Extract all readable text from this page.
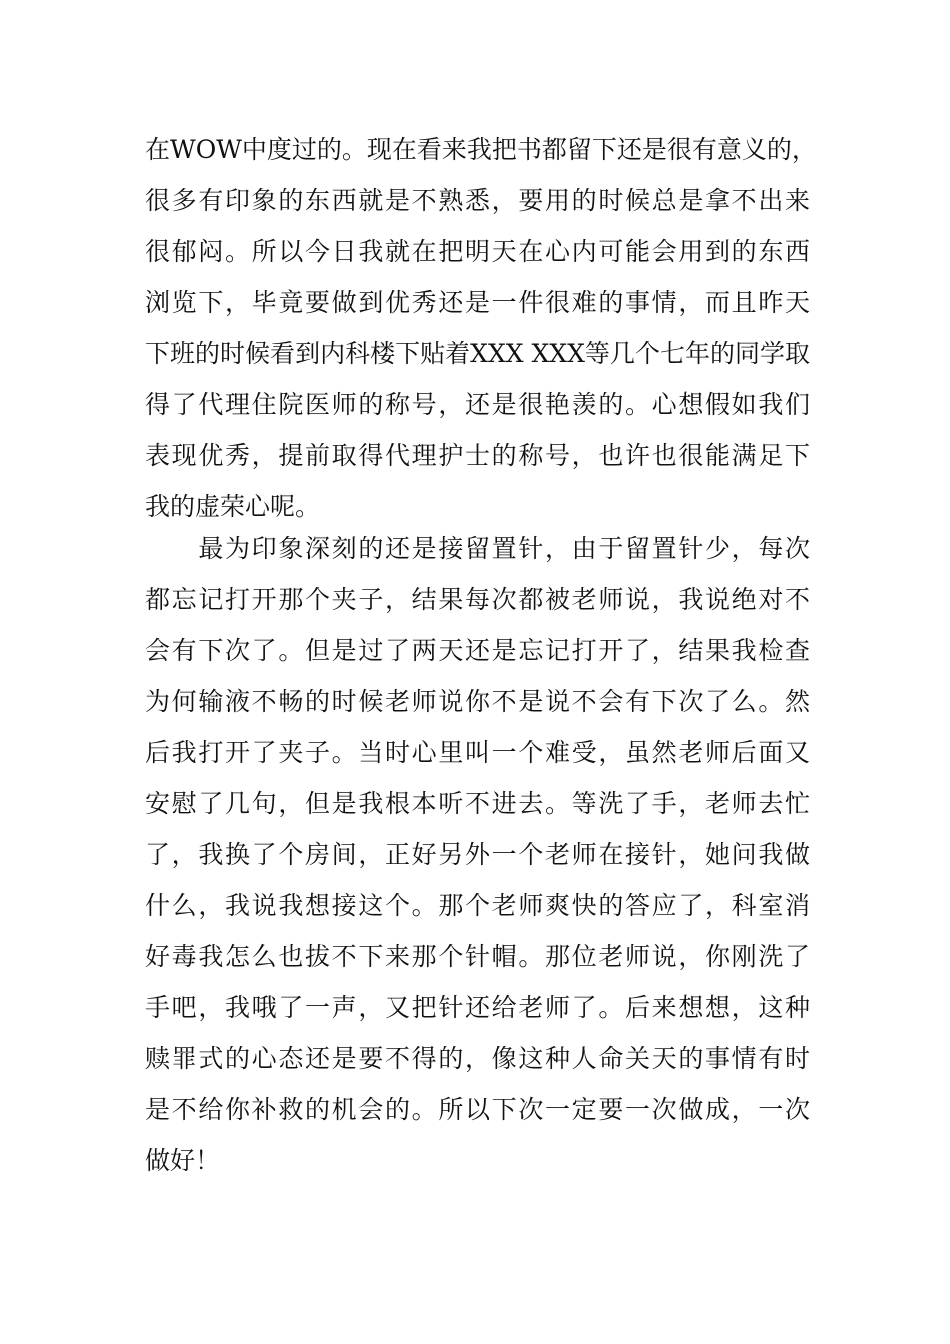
在WOW中度过的。现在看来我把书都留下还是很有意义的，
很多有印象的东西就是不熟悉，要用的时候总是拿不出来
很郁闷。所以今日我就在把明天在心内可能会用到的东西
浏览下，毕竟要做到优秀还是一件很难的事情，而且昨天
下班的时候看到内科楼下贴着XXX XXX等几个七年的同学取
得了代理住院医师的称号，还是很艳羡的。心想假如我们
表现优秀，提前取得代理护士的称号，也许也很能满足下
我的虚荣心呢。
　　最为印象深刻的还是接留置针，由于留置针少，每次
都忘记打开那个夹子，结果每次都被老师说，我说绝对不
会有下次了。但是过了两天还是忘记打开了，结果我检查
为何输液不畅的时候老师说你不是说不会有下次了么。然
后我打开了夹子。当时心里叫一个难受，虽然老师后面又
安慰了几句，但是我根本听不进去。等洗了手，老师去忙
了，我换了个房间，正好另外一个老师在接针，她问我做
什么，我说我想接这个。那个老师爽快的答应了，科室消
好毒我怎么也拔不下来那个针帽。那位老师说，你刚洗了
手吧，我哦了一声，又把针还给老师了。后来想想，这种
赎罪式的心态还是要不得的，像这种人命关天的事情有时
是不给你补救的机会的。所以下次一定要一次做成，一次
做好！
